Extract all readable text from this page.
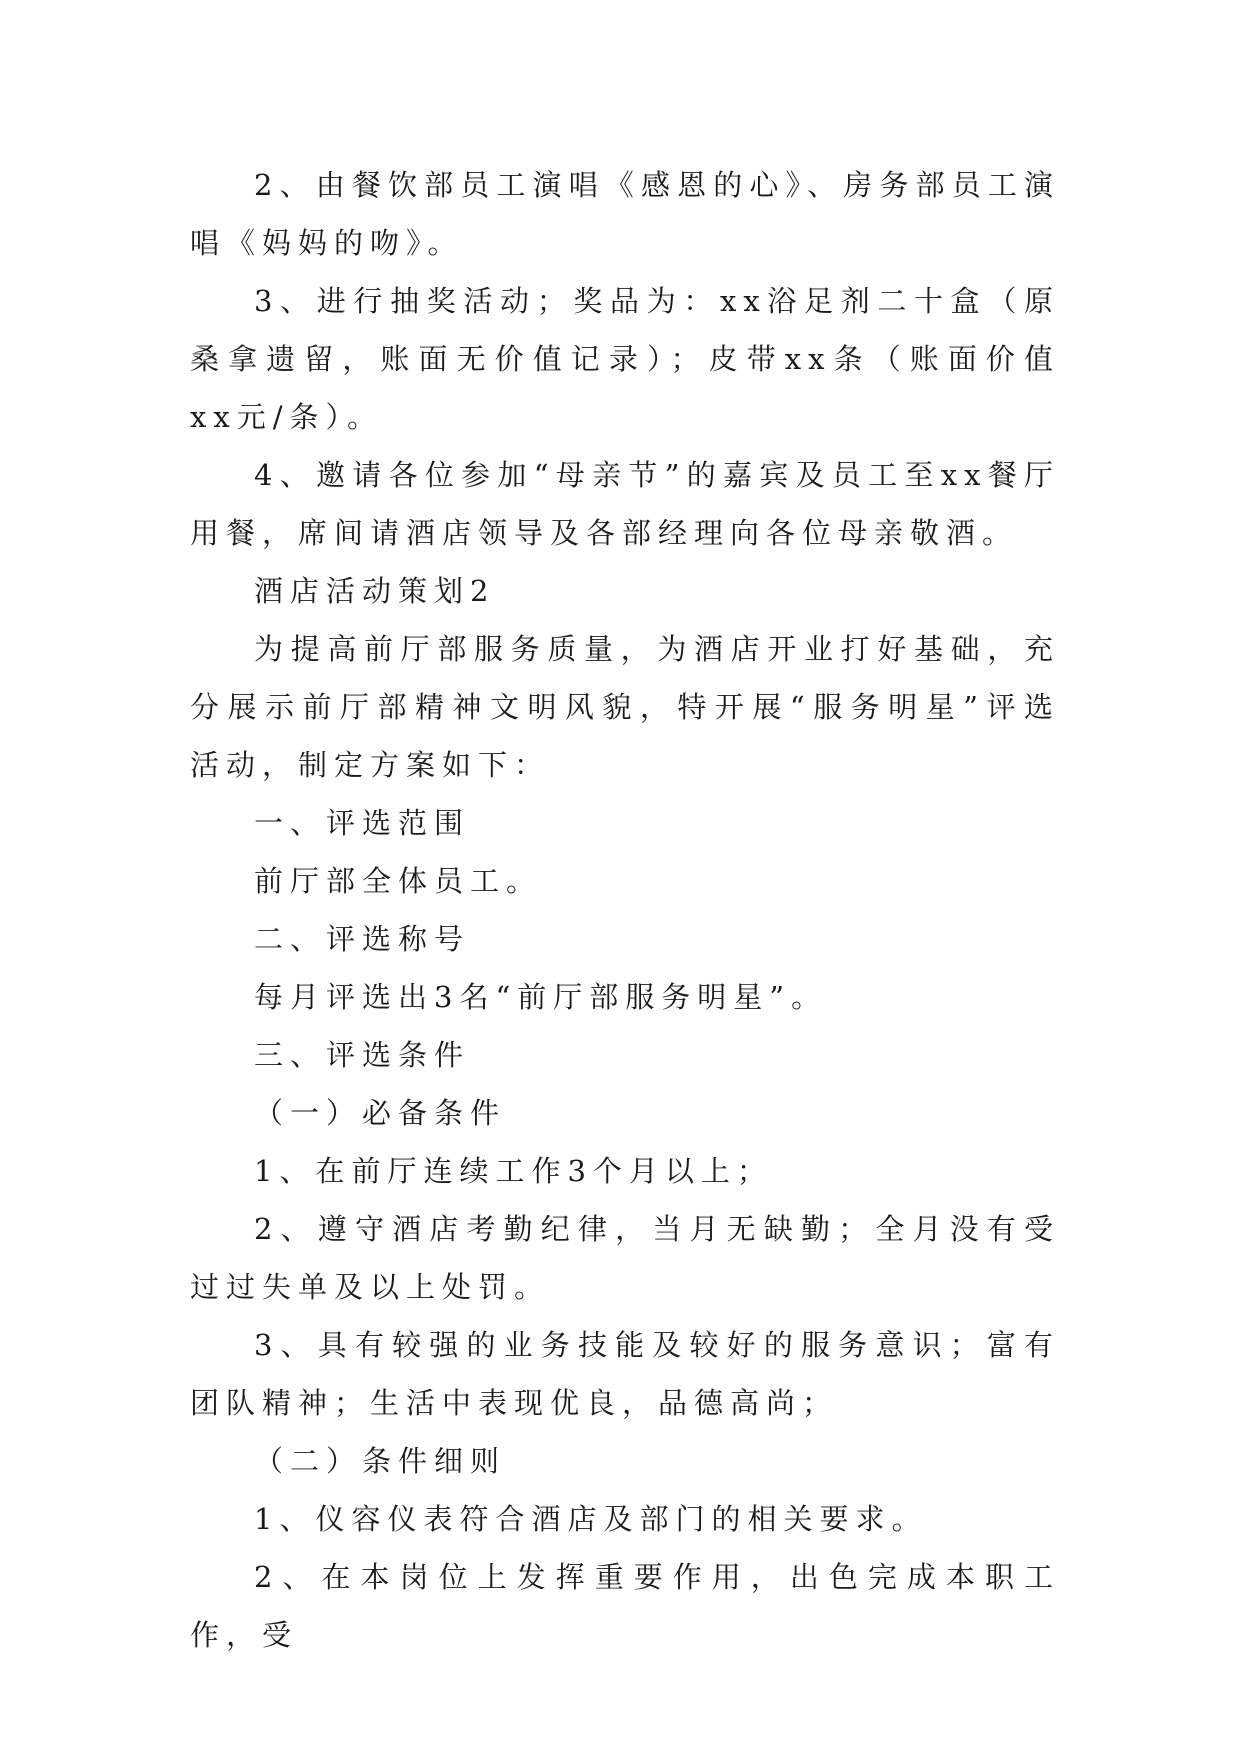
2、由餐饮部员工演唱《感恩的心》、房务部员工演唱《妈妈的吻》。

3、进行抽奖活动；奖品为：xx浴足剂二十盒（原桑拿遗留，账面无价值记录）；皮带xx条（账面价值xx元/条）。

4、邀请各位参加“母亲节”的嘉宾及员工至xx餐厅用餐，席间请酒店领导及各部经理向各位母亲敬酒。

酒店活动策划2

为提高前厅部服务质量，为酒店开业打好基础，充分展示前厅部精神文明风貌，特开展“服务明星”评选活动，制定方案如下：

一、评选范围

前厅部全体员工。

二、评选称号

每月评选出3名“前厅部服务明星”。

三、评选条件

（一）必备条件

1、在前厅连续工作3个月以上；

2、遵守酒店考勤纪律，当月无缺勤；全月没有受过过失单及以上处罚。

3、具有较强的业务技能及较好的服务意识；富有团队精神；生活中表现优良，品德高尚；

（二）条件细则

1、仪容仪表符合酒店及部门的相关要求。

2、在本岗位上发挥重要作用，出色完成本职工作，受
